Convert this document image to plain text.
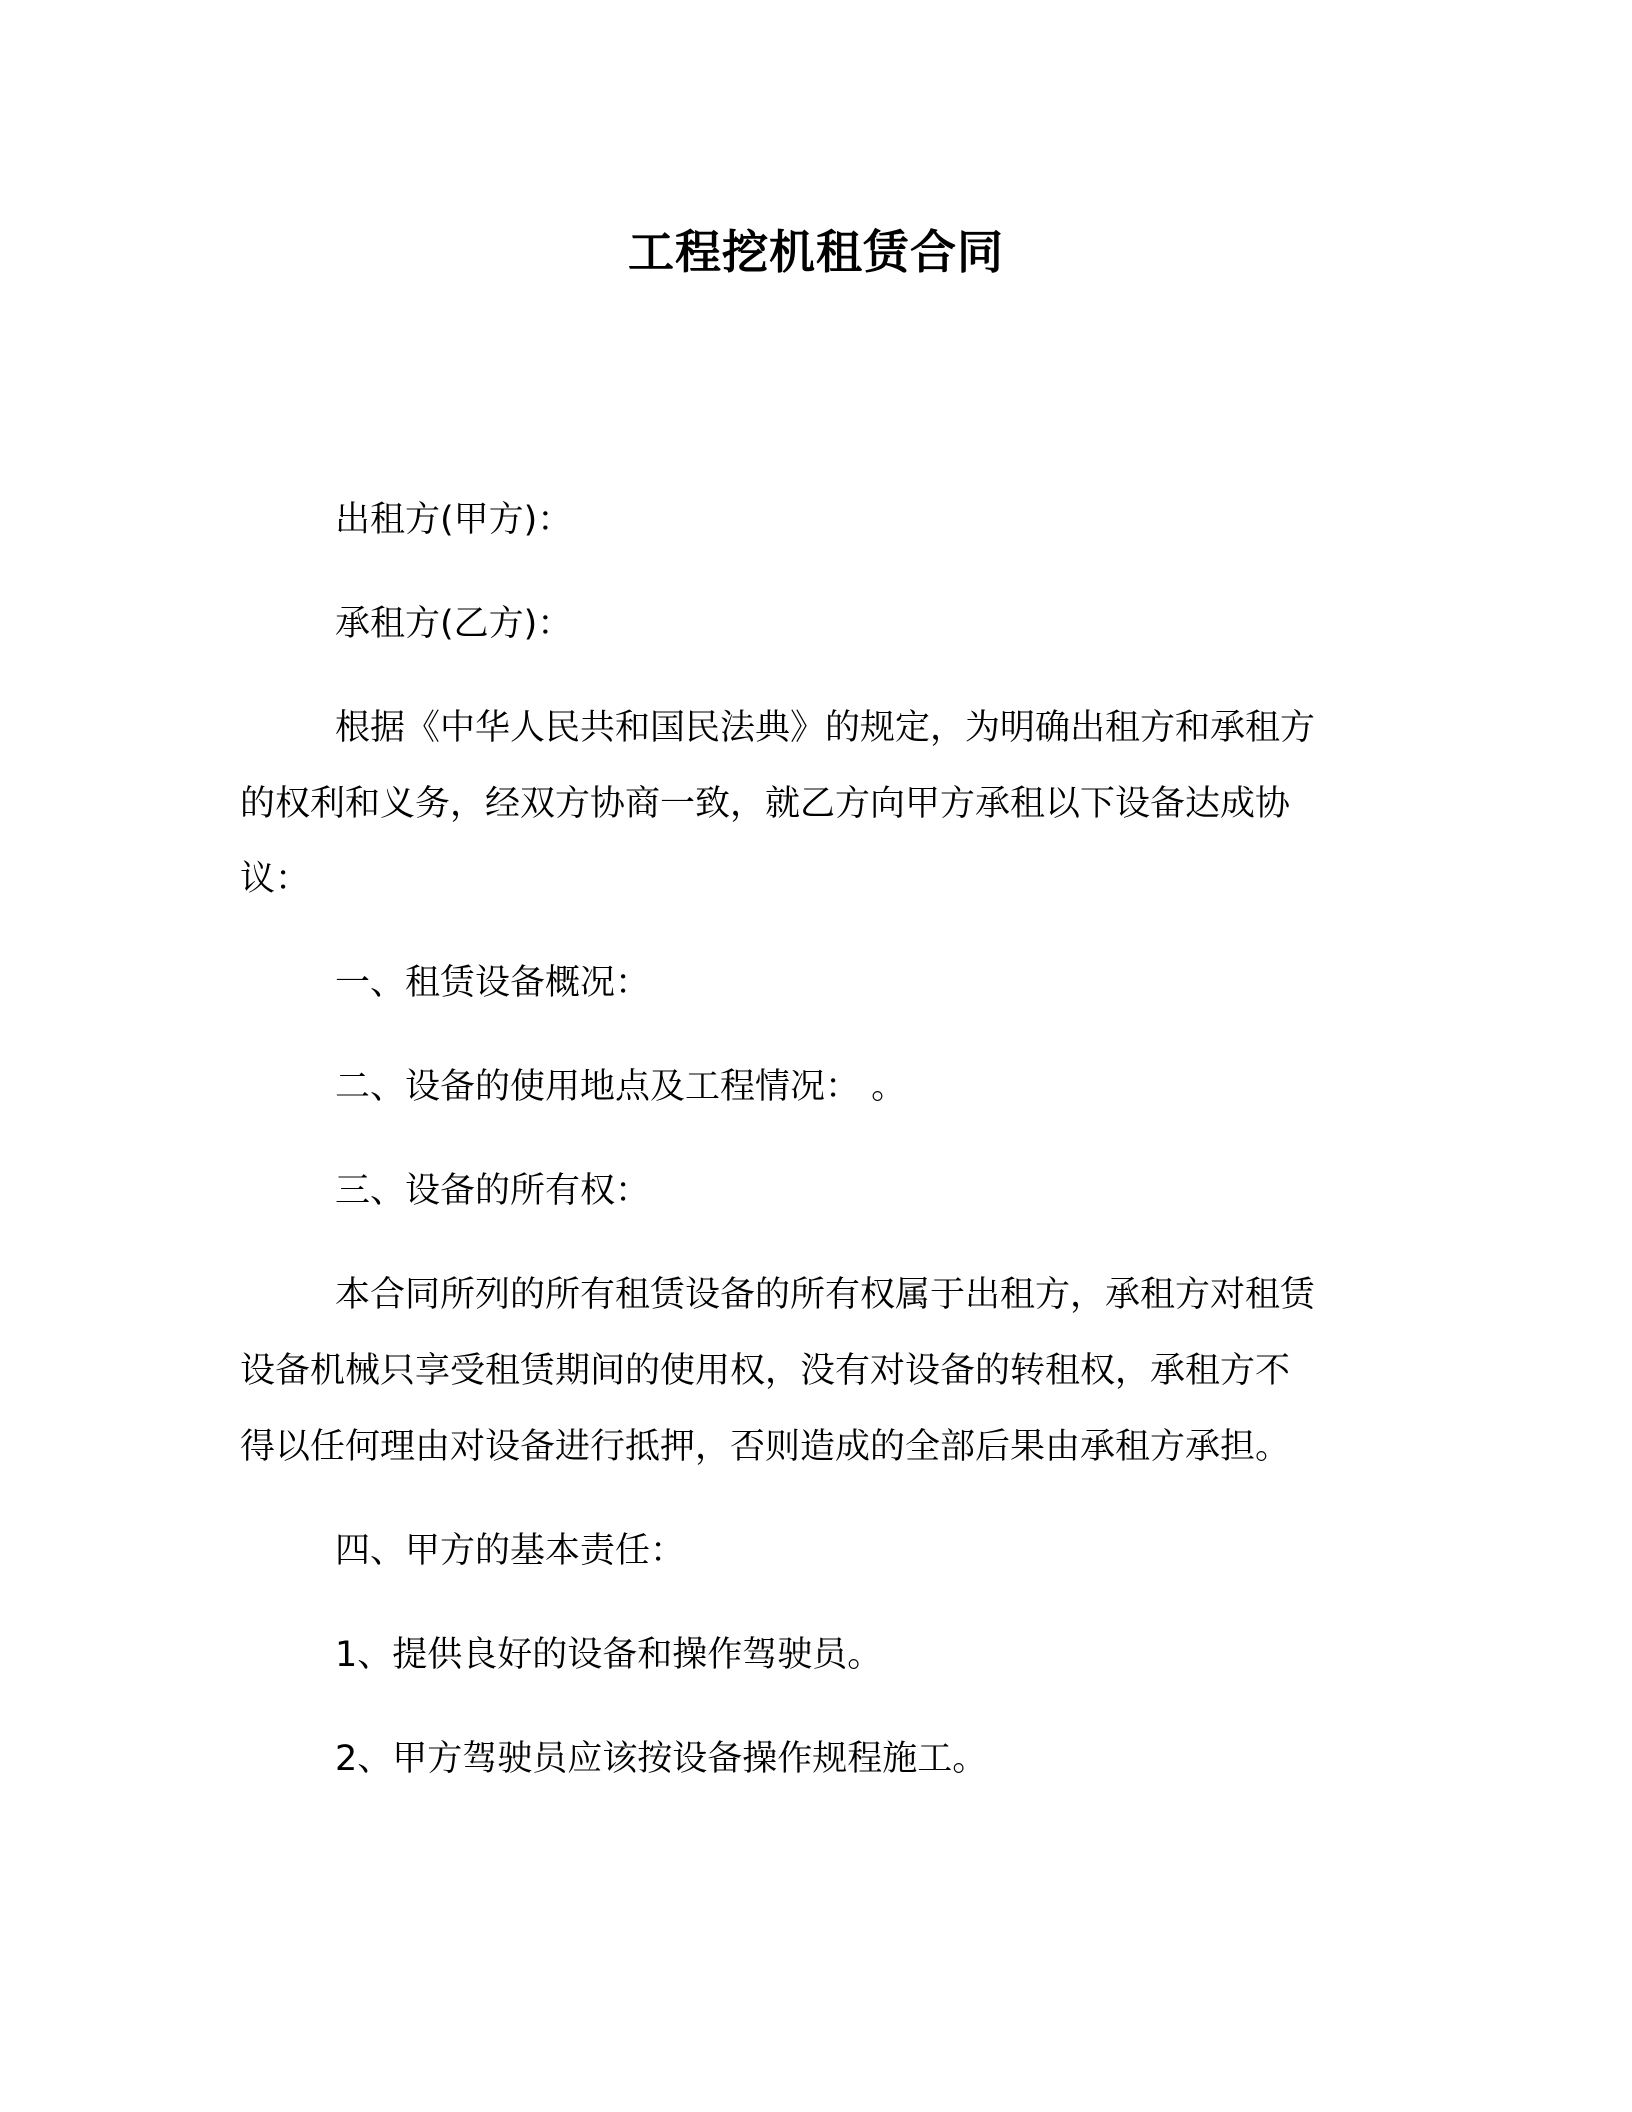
工程挖机租赁合同
出租方(甲方)：
承租方(乙方)：
根据《中华人民共和国民法典》的规定，为明确出租方和承租方
的权利和义务，经双方协商一致，就乙方向甲方承租以下设备达成协
议：
一、租赁设备概况：
二、设备的使用地点及工程情况： 。
三、设备的所有权：
本合同所列的所有租赁设备的所有权属于出租方，承租方对租赁
设备机械只享受租赁期间的使用权，没有对设备的转租权，承租方不
得以任何理由对设备进行抵押，否则造成的全部后果由承租方承担。
四、甲方的基本责任：
1、提供良好的设备和操作驾驶员。
2、甲方驾驶员应该按设备操作规程施工。
